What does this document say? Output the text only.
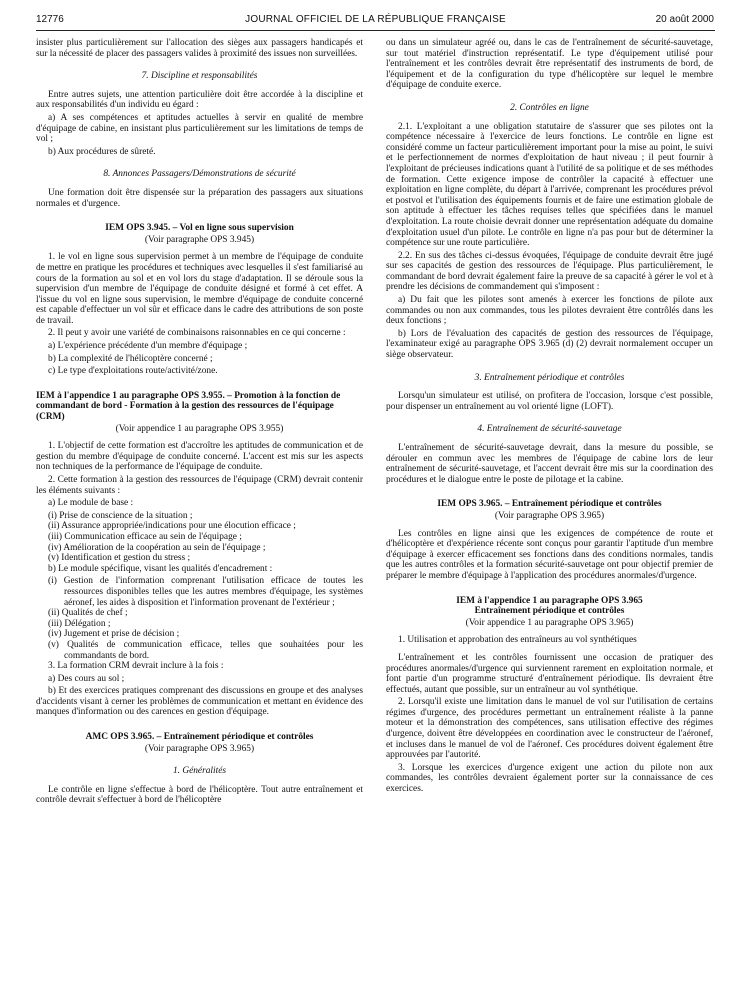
12776	JOURNAL OFFICIEL DE LA RÉPUBLIQUE FRANÇAISE	20 août 2000

insister plus particulièrement sur l'allocation des sièges aux passagers handicapés et sur la nécessité de placer des passagers valides à proximité des issues non surveillées.

7. Discipline et responsabilités

Entre autres sujets, une attention particulière doit être accordée à la discipline et aux responsabilités d'un individu eu égard :

a) A ses compétences et aptitudes actuelles à servir en qualité de membre d'équipage de cabine, en insistant plus particulièrement sur les limitations de temps de vol ;

b) Aux procédures de sûreté.

8. Annonces Passagers/Démonstrations de sécurité

Une formation doit être dispensée sur la préparation des passagers aux situations normales et d'urgence.

IEM OPS 3.945. – Vol en ligne sous supervision

(Voir paragraphe OPS 3.945)

1. le vol en ligne sous supervision permet à un membre de l'équipage de conduite de mettre en pratique les procédures et techniques avec lesquelles il s'est familiarisé au cours de la formation au sol et en vol lors du stage d'adaptation. Il se déroule sous la supervision d'un membre de l'équipage de conduite désigné et formé à cet effet. A l'issue du vol en ligne sous supervision, le membre d'équipage de conduite concerné est capable d'effectuer un vol sûr et efficace dans le cadre des attributions de son poste de travail.

2. Il peut y avoir une variété de combinaisons raisonnables en ce qui concerne :

a) L'expérience précédente d'un membre d'équipage ;

b) La complexité de l'hélicoptère concerné ;

c) Le type d'exploitations route/activité/zone.

IEM à l'appendice 1 au paragraphe OPS 3.955. – Promotion à la fonction de commandant de bord - Formation à la gestion des ressources de l'équipage (CRM)

(Voir appendice 1 au paragraphe OPS 3.955)

1. L'objectif de cette formation est d'accroître les aptitudes de communication et de gestion du membre d'équipage de conduite concerné. L'accent est mis sur les aspects non techniques de la performance de l'équipage de conduite.

2. Cette formation à la gestion des ressources de l'équipage (CRM) devrait contenir les éléments suivants :

a) Le module de base :

(i) Prise de conscience de la situation ;

(ii) Assurance appropriée/indications pour une élocution efficace ;

(iii) Communication efficace au sein de l'équipage ;

(iv) Amélioration de la coopération au sein de l'équipage ;

(v) Identification et gestion du stress ;

b) Le module spécifique, visant les qualités d'encadrement :

(i) Gestion de l'information comprenant l'utilisation efficace de toutes les ressources disponibles telles que les autres membres d'équipage, les systèmes aéronef, les aides à disposition et l'information provenant de l'extérieur ;

(ii) Qualités de chef ;

(iii) Délégation ;

(iv) Jugement et prise de décision ;

(v) Qualités de communication efficace, telles que souhaitées pour les commandants de bord.

3. La formation CRM devrait inclure à la fois :

a) Des cours au sol ;

b) Et des exercices pratiques comprenant des discussions en groupe et des analyses d'accidents visant à cerner les problèmes de communication et mettant en évidence des manques d'information ou des carences en gestion d'équipage.

AMC OPS 3.965. – Entraînement périodique et contrôles

(Voir paragraphe OPS 3.965)

1. Généralités

Le contrôle en ligne s'effectue à bord de l'hélicoptère. Tout autre entraînement et contrôle devrait s'effectuer à bord de l'hélicoptère

ou dans un simulateur agréé ou, dans le cas de l'entraînement de sécurité-sauvetage, sur tout matériel d'instruction représentatif. Le type d'équipement utilisé pour l'entraînement et les contrôles devrait être représentatif des instruments de bord, de l'équipement et de la configuration du type d'hélicoptère sur lequel le membre d'équipage de conduite exerce.

2. Contrôles en ligne

2.1. L'exploitant a une obligation statutaire de s'assurer que ses pilotes ont la compétence nécessaire à l'exercice de leurs fonctions. Le contrôle en ligne est considéré comme un facteur particulièrement important pour la mise au point, le suivi et le perfectionnement de normes d'exploitation de haut niveau ; il peut fournir à l'exploitant de précieuses indications quant à l'utilité de sa politique et de ses méthodes de formation. Cette exigence impose de contrôler la capacité à effectuer une exploitation en ligne complète, du départ à l'arrivée, comprenant les procédures prévol et postvol et l'utilisation des équipements fournis et de faire une estimation globale de son aptitude à effectuer les tâches requises telles que spécifiées dans le manuel d'exploitation. La route choisie devrait donner une représentation adéquate du domaine d'exploitation usuel d'un pilote. Le contrôle en ligne n'a pas pour but de déterminer la compétence sur une route particulière.

2.2. En sus des tâches ci-dessus évoquées, l'équipage de conduite devrait être jugé sur ses capacités de gestion des ressources de l'équipage. Plus particulièrement, le commandant de bord devrait également faire la preuve de sa capacité à gérer le vol et à prendre les décisions de commandement qui s'imposent :

a) Du fait que les pilotes sont amenés à exercer les fonctions de pilote aux commandes ou non aux commandes, tous les pilotes devraient être contrôlés dans les deux fonctions ;

b) Lors de l'évaluation des capacités de gestion des ressources de l'équipage, l'examinateur exigé au paragraphe OPS 3.965 (d) (2) devrait normalement occuper un siège observateur.

3. Entraînement périodique et contrôles

Lorsqu'un simulateur est utilisé, on profitera de l'occasion, lorsque c'est possible, pour dispenser un entraînement au vol orienté ligne (LOFT).

4. Entraînement de sécurité-sauvetage

L'entraînement de sécurité-sauvetage devrait, dans la mesure du possible, se dérouler en commun avec les membres de l'équipage de cabine lors de leur entraînement de sécurité-sauvetage, et l'accent devrait être mis sur la coordination des procédures et le dialogue entre le poste de pilotage et la cabine.

IEM OPS 3.965. – Entraînement périodique et contrôles

(Voir paragraphe OPS 3.965)

Les contrôles en ligne ainsi que les exigences de compétence de route et d'hélicoptère et d'expérience récente sont conçus pour garantir l'aptitude d'un membre d'équipage à exercer efficacement ses fonctions dans des conditions normales, tandis que les autres contrôles et la formation sécurité-sauvetage ont pour objectif premier de préparer le membre d'équipage à l'application des procédures anormales/d'urgence.

IEM à l'appendice 1 au paragraphe OPS 3.965

Entraînement périodique et contrôles

(Voir appendice 1 au paragraphe OPS 3.965)

1. Utilisation et approbation des entraîneurs au vol synthétiques

L'entraînement et les contrôles fournissent une occasion de pratiquer des procédures anormales/d'urgence qui surviennent rarement en exploitation normale, et font partie d'un programme structuré d'entraînement périodique. Ils devraient être effectués, autant que possible, sur un entraîneur au vol synthétique.

2. Lorsqu'il existe une limitation dans le manuel de vol sur l'utilisation de certains régimes d'urgence, des procédures permettant un entraînement réaliste à la panne moteur et la démonstration des compétences, sans utilisation effective des régimes d'urgence, doivent être développées en coordination avec le constructeur de l'aéronef, et incluses dans le manuel de vol de l'aéronef. Ces procédures doivent également être approuvées par l'autorité.

3. Lorsque les exercices d'urgence exigent une action du pilote non aux commandes, les contrôles devraient également porter sur la connaissance de ces exercices.
